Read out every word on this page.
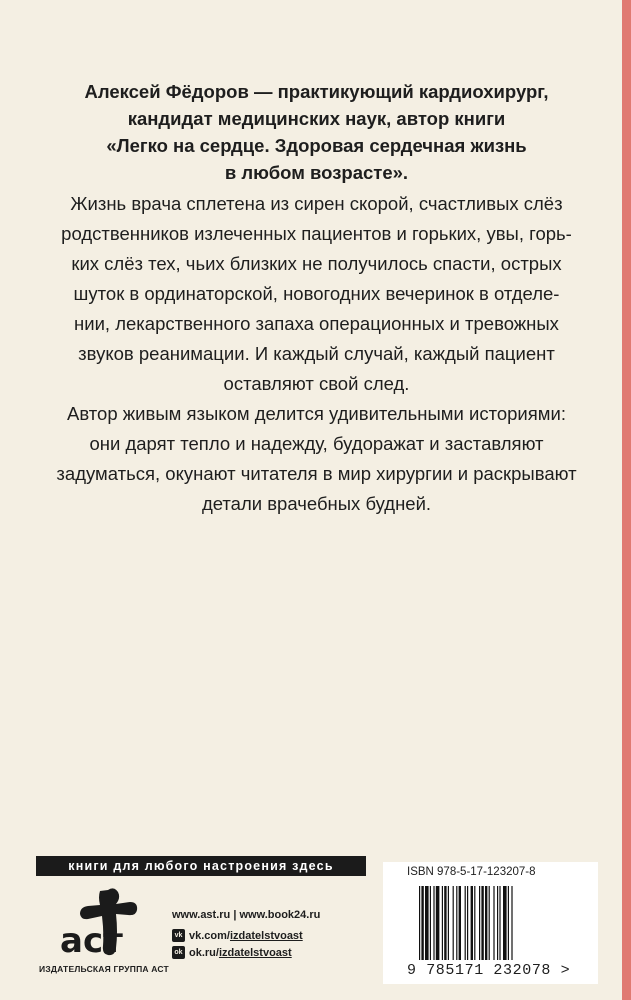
Алексей Фёдоров — практикующий кардиохирург,
кандидат медицинских наук, автор книги
«Легко на сердце. Здоровая сердечная жизнь
в любом возрасте».

Жизнь врача сплетена из сирен скорой, счастливых слёз
родственников излеченных пациентов и горьких, увы, горь-
ких слёз тех, чьих близких не получилось спасти, острых
шуток в ординаторской, новогодних вечеринок в отделе-
нии, лекарственного запаха операционных и тревожных
звуков реанимации. И каждый случай, каждый пациент
оставляют свой след.

Автор живым языком делится удивительными историями:
они дарят тепло и надежду, будоражат и заставляют
задуматься, окунают читателя в мир хирургии и раскрывают
детали врачебных будней.

книги для любого настроения здесь
аст
ИЗДАТЕЛЬСКАЯ ГРУППА АСТ
www.ast.ru | www.book24.ru
vk vk.com/ izdatelstvoast
ok ok.ru/ izdatelstvoast
ISBN 978-5-17-123207-8
9 785171 232078 >
